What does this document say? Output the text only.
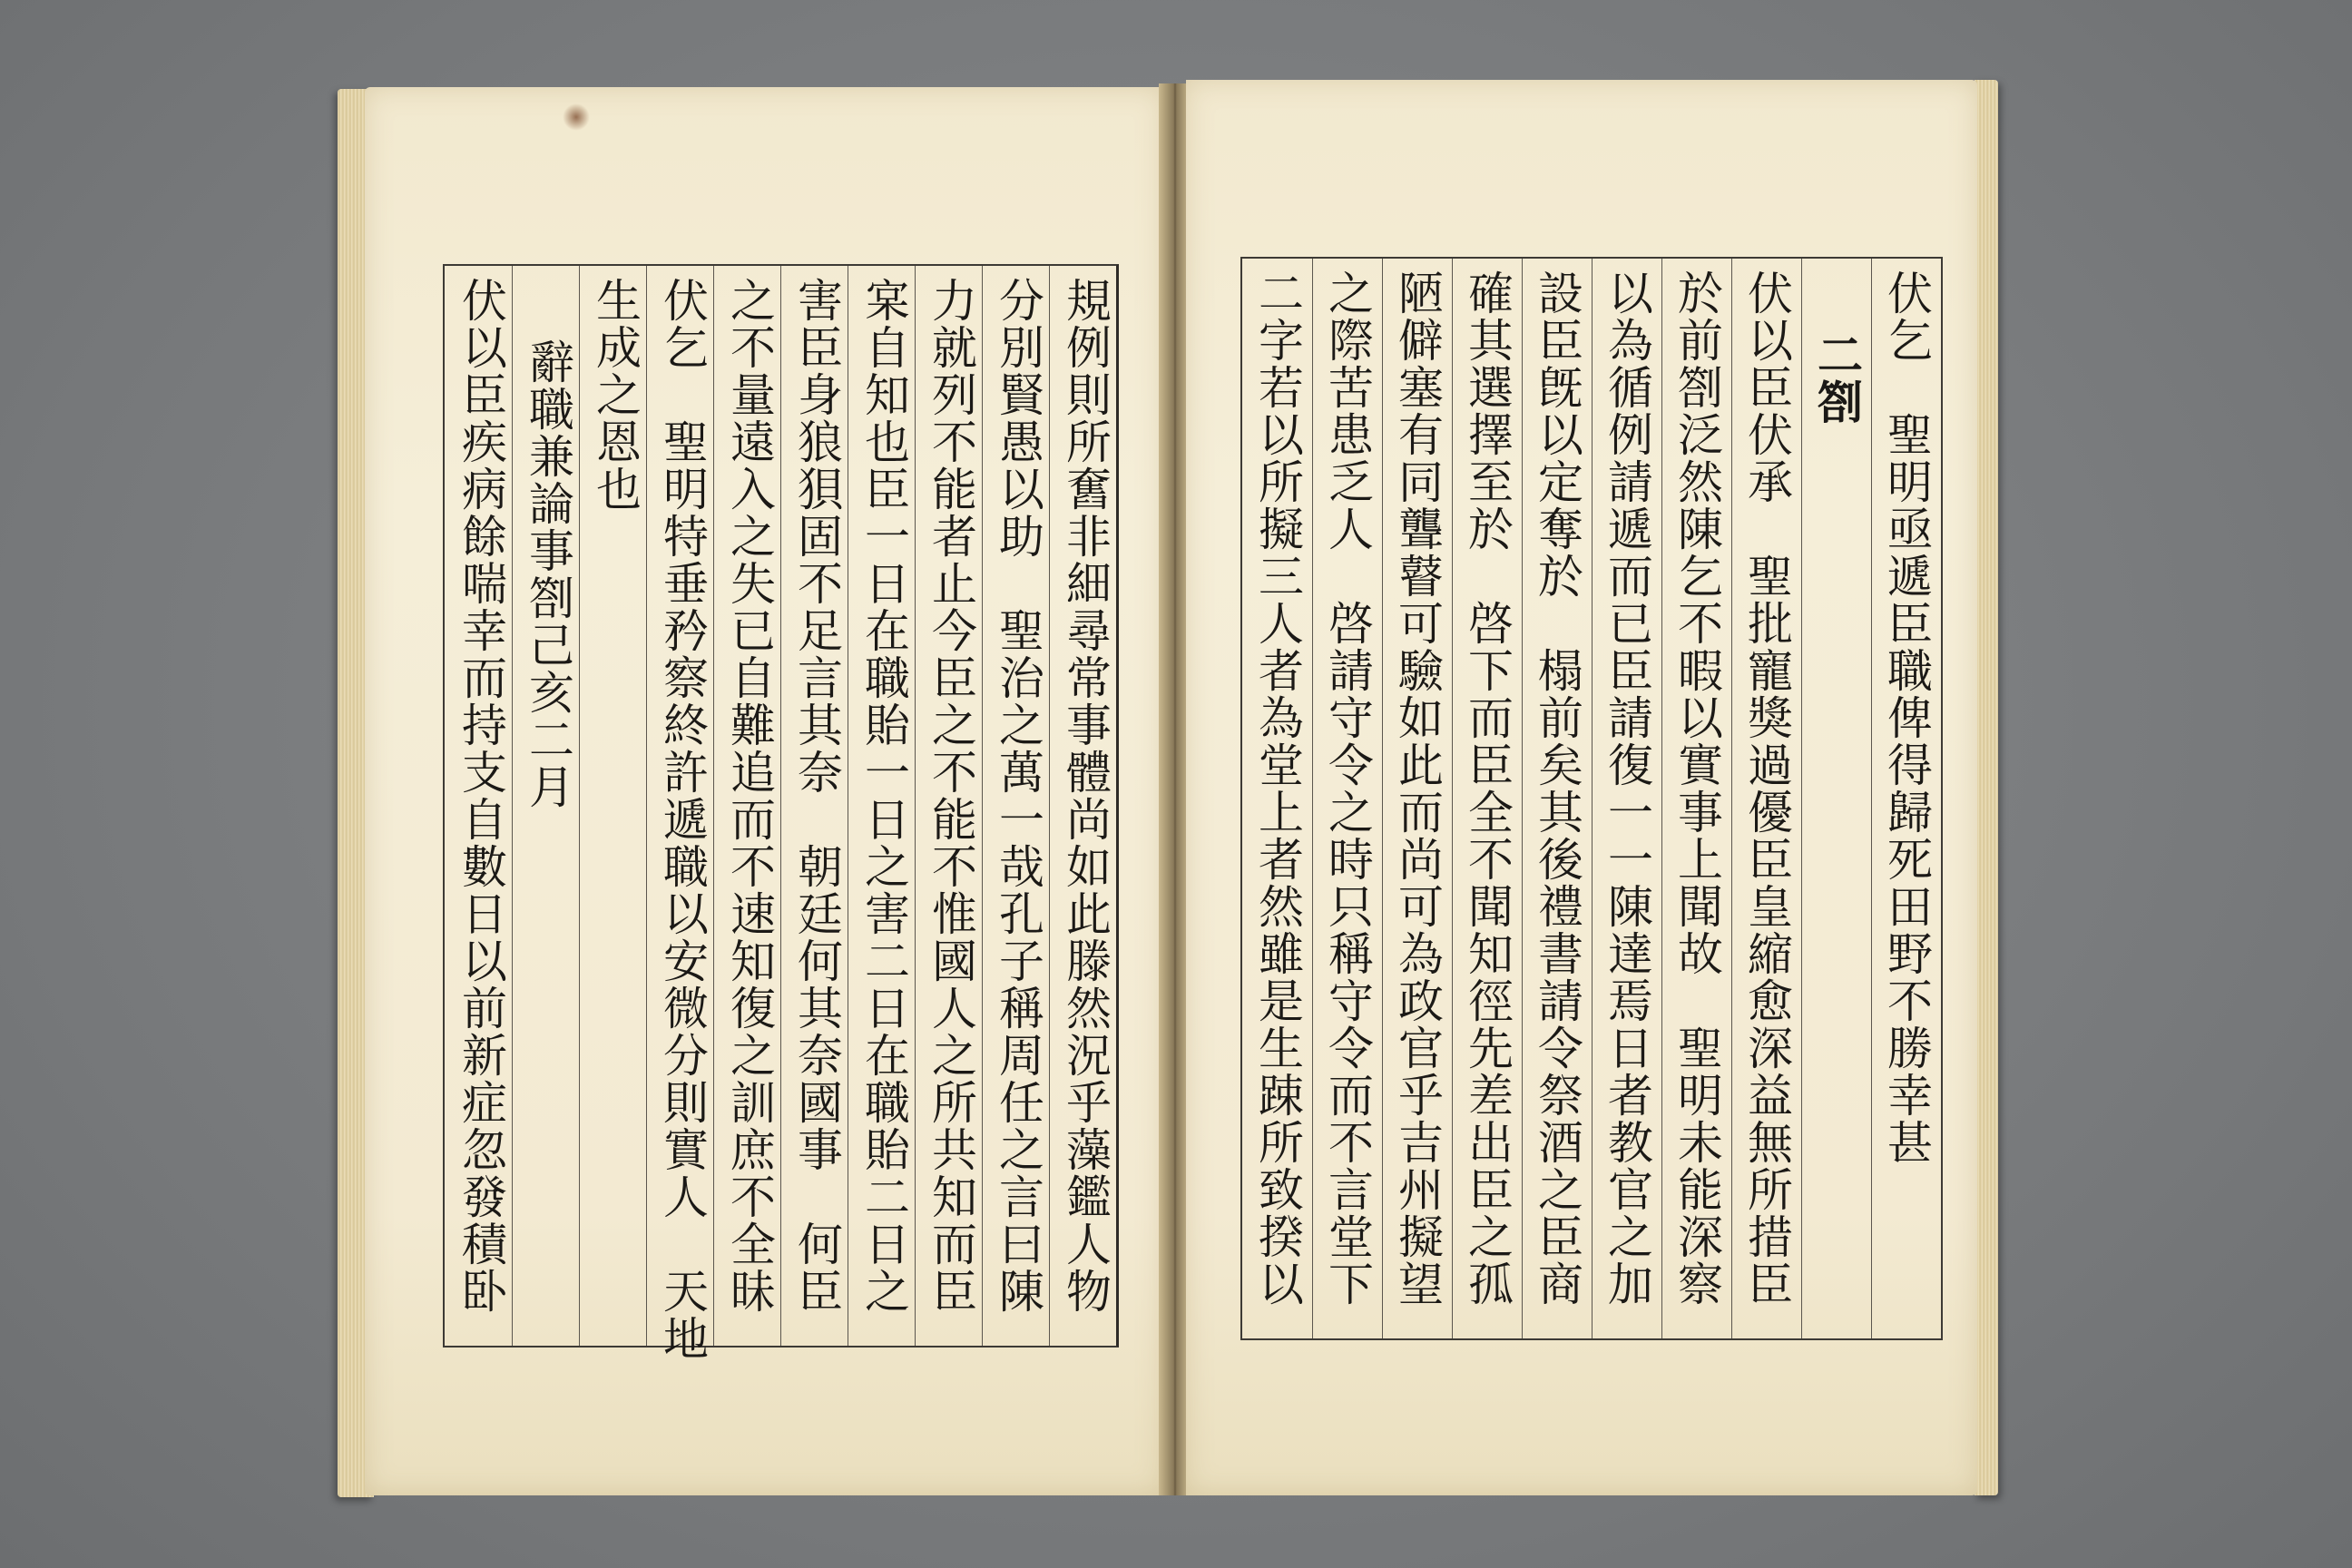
規例則所𡚒非細尋常事體尚如此滕然況乎藻鑑人物
分別賢愚以助　聖治之萬一哉孔子稱周任之言曰陳
力就列不能者止今臣之不能不惟國人之所共知而臣
宲自知也臣一日在職貽一日之害二日在職貽二日之
害臣身狼狽固不足言其奈　朝廷何其奈國事　何臣
之不量遠入之失已自難追而不速知復之訓庶不全昧
伏乞　聖明特垂矜察終許遞職以安微分則實人　天地
生成之恩也
辭職兼論事劄己亥二月
伏以臣疾病餘喘幸而持支自數日以前新症忽發積卧	伏乞　聖明亟遞臣職俾得歸死田野不勝幸甚
二劄
伏以臣伏承　聖批寵獎過優臣皇縮愈深益無所措臣
於前劄泛然陳乞不暇以實事上聞故　聖明未能深察
以為循例請遞而已臣請復一一陳達焉日者教官之加
設臣旣以定奪於　榻前矣其後禮書請令祭酒之臣商
確其選擇至於　啓下而臣全不聞知徑先差出臣之孤
陋僻塞有同聾瞽可驗如此而尚可為政官乎吉州擬望
之際苦患乏人　啓請守令之時只稱守令而不言堂下
二字若以所擬三人者為堂上者然雖是生踈所致揆以
